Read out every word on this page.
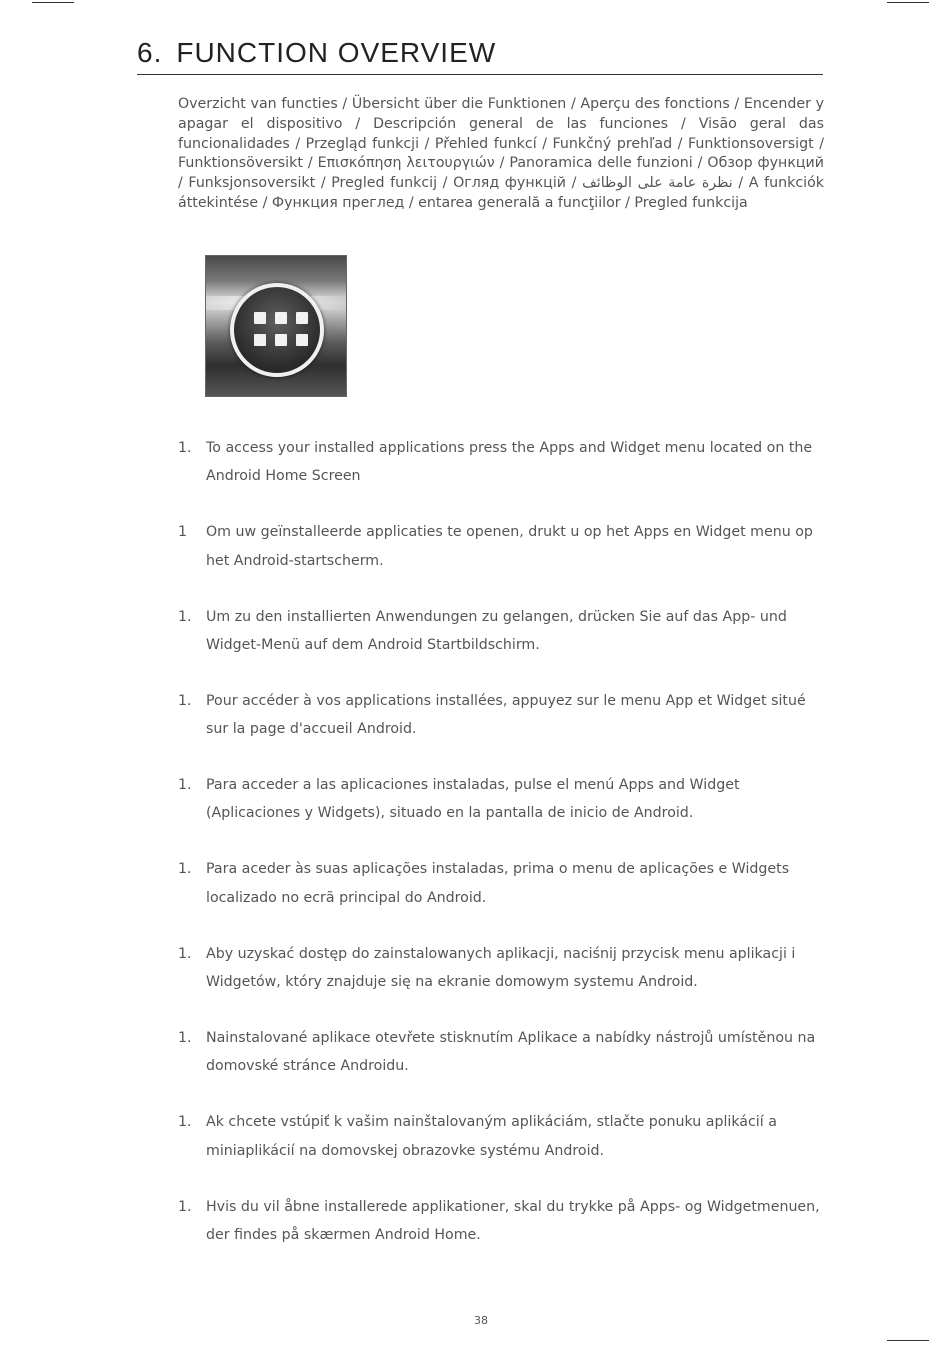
6. FUNCTION OVERVIEW
Overzicht van functies / Übersicht über die Funktionen / Aperçu des fonctions / Encender y apagar el dispositivo / Descripción general de las funciones / Visão geral das funcionalidades / Przegląd funkcji / Přehled funkcí / Funkčný prehľad / Funktionsoversigt / Funktionsöversikt / Επισκόπηση λειτουργιών / Panoramica delle funzioni / Обзор функций / Funksjonsoversikt / Pregled funkcij / Огляд функцій / نظرة عامة على الوظائف / A funkciók áttekintése / Функция преглед / entarea generală a funcţiilor / Pregled funkcija
1. To access your installed applications press the Apps and Widget menu located on the Android Home Screen
1 Om uw geïnstalleerde applicaties te openen, drukt u op het Apps en Widget menu op het Android-startscherm.
1. Um zu den installierten Anwendungen zu gelangen, drücken Sie auf das App- und Widget-Menü auf dem Android Startbildschirm.
1. Pour accéder à vos applications installées, appuyez sur le menu App et Widget situé sur la page d'accueil Android.
1. Para acceder a las aplicaciones instaladas, pulse el menú Apps and Widget (Aplicaciones y Widgets), situado en la pantalla de inicio de Android.
1. Para aceder às suas aplicações instaladas, prima o menu de aplicações e Widgets localizado no ecrã principal do Android.
1. Aby uzyskać dostęp do zainstalowanych aplikacji, naciśnij przycisk menu aplikacji i Widgetów, który znajduje się na ekranie domowym systemu Android.
1. Nainstalované aplikace otevřete stisknutím Aplikace a nabídky nástrojů umístěnou na domovské stránce Androidu.
1. Ak chcete vstúpiť k vašim nainštalovaným aplikáciám, stlačte ponuku aplikácií a miniaplikácií na domovskej obrazovke systému Android.
1. Hvis du vil åbne installerede applikationer, skal du trykke på Apps- og Widgetmenuen, der findes på skærmen Android Home.
38
